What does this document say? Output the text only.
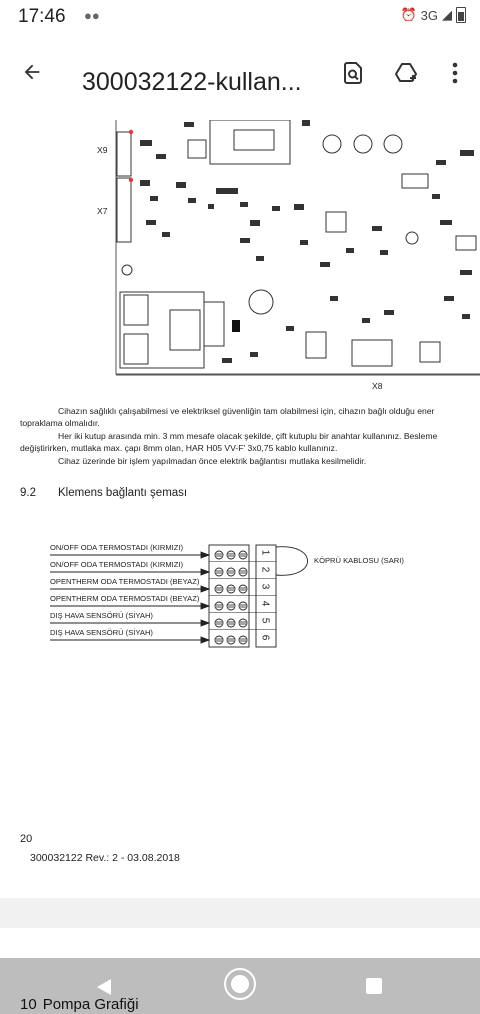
17:46 ●●	⏰ 3G ◢
300032122-kullan...
X9
X7
X8
Cihazın sağlıklı çalışabilmesi ve elektriksel güvenliğin tam olabilmesi için, cihazın bağlı olduğu ener
topraklama olmalıdır.
Her iki kutup arasında min. 3 mm mesafe olacak şekilde, çift kutuplu bir anahtar kullanınız. Besleme
değiştirirken, mutlaka max. çapı 8mm olan, HAR H05 VV-F' 3x0,75 kablo kullanınız.
Cihaz üzerinde bir işlem yapılmadan önce elektrik bağlantısı mutlaka kesilmelidir.
9.2 Klemens bağlantı şeması
ON/OFF ODA TERMOSTADI (KIRMIZI)
ON/OFF ODA TERMOSTADI (KIRMIZI)
OPENTHERM ODA TERMOSTADI (BEYAZ)
OPENTHERM ODA TERMOSTADI (BEYAZ)
DIŞ HAVA SENSÖRÜ (SİYAH)
DIŞ HAVA SENSÖRÜ (SİYAH)
1
2
3
4
5
6
KÖPRÜ KABLOSU (SARI)
20
300032122 Rev.: 2 - 03.08.2018
10 Pompa Grafiği
